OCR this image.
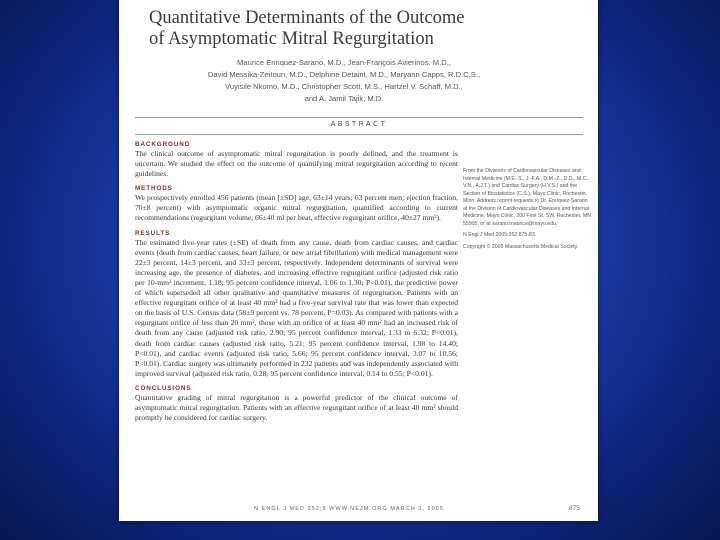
Quantitative Determinants of the Outcome
of Asymptomatic Mitral Regurgitation
Maurice Enriquez-Sarano, M.D., Jean-François Avierinos, M.D.,
David Messika-Zeitoun, M.D., Delphine Detaint, M.D., Maryann Capps, R.D.C.S.,
Vuyisile Nkomo, M.D., Christopher Scott, M.S., Hartzel V. Schaff, M.D.,
and A. Jamil Tajik, M.D.
ABSTRACT
BACKGROUND
The clinical outcome of asymptomatic mitral regurgitation is poorly defined, and the treatment is uncertain. We studied the effect on the outcome of quantifying mitral regurgitation according to recent guidelines.
METHODS
We prospectively enrolled 456 patients (mean [±SD] age, 63±14 years; 63 percent men; ejection fraction, 70±8 percent) with asymptomatic organic mitral regurgitation, quantified according to current recommendations (regurgitant volume, 66±40 ml per beat, effective regurgitant orifice, 40±27 mm²).
RESULTS
The estimated five-year rates (±SE) of death from any cause, death from cardiac causes, and cardiac events (death from cardiac causes, heart failure, or new atrial fibrillation) with medical management were 22±3 percent, 14±3 percent, and 33±3 percent, respectively. Independent determinants of survival were increasing age, the presence of diabetes, and increasing effective regurgitant orifice (adjusted risk ratio per 10-mm² increment, 1.18; 95 percent confidence interval, 1.06 to 1.30; P<0.01), the predictive power of which superseded all other qualitative and quantitative measures of regurgitation. Patients with an effective regurgitant orifice of at least 40 mm² had a five-year survival rate that was lower than expected on the basis of U.S. Census data (58±9 percent vs. 78 percent, P=0.03). As compared with patients with a regurgitant orifice of less than 20 mm², those with an orifice of at least 40 mm² had an increased risk of death from any cause (adjusted risk ratio, 2.90; 95 percent confidence interval, 1.33 to 6.32; P<0.01), death from cardiac causes (adjusted risk ratio, 5.21; 95 percent confidence interval, 1.98 to 14.40; P<0.01), and cardiac events (adjusted risk ratio, 5.66; 95 percent confidence interval, 3.07 to 10.56; P<0.01). Cardiac surgery was ultimately performed in 232 patients and was independently associated with improved survival (adjusted risk ratio, 0.28; 95 percent confidence interval, 0.14 to 0.55; P<0.01).
CONCLUSIONS
Quantitative grading of mitral regurgitation is a powerful predictor of the clinical outcome of asymptomatic mitral regurgitation. Patients with an effective regurgitant orifice of at least 40 mm² should promptly be considered for cardiac surgery.

From the Divisions of Cardiovascular Diseases and Internal Medicine (M.E.-S., J.-F.A., D.M.-Z., D.D., M.C., V.N., A.J.T.) and Cardiac Surgery (H.V.S.) and the Section of Biostatistics (C.S.), Mayo Clinic, Rochester, Minn. Address reprint requests to Dr. Enriquez-Sarano at the Division of Cardiovascular Diseases and Internal Medicine, Mayo Clinic, 200 First St. SW, Rochester, MN 55905, or at sarano.maurice@mayo.edu.

N Engl J Med 2005;352:875-83.

Copyright © 2005 Massachusetts Medical Society.

N ENGL J MED 352;9 WWW.NEJM.ORG MARCH 3, 2005	875
